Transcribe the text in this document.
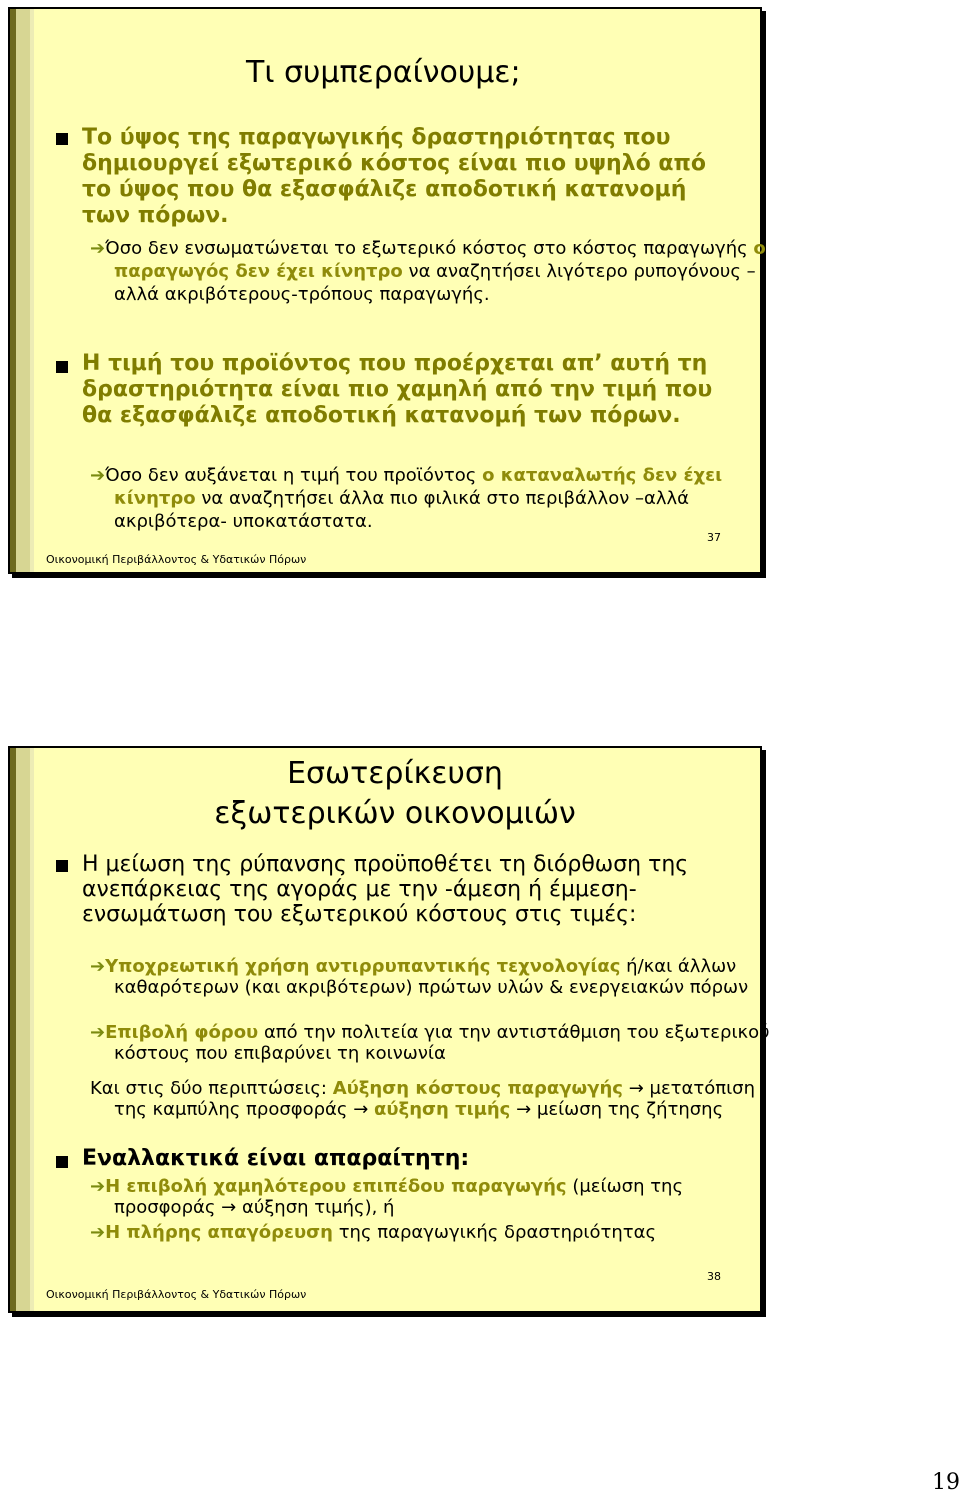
Τι συμπεραίνουμε;
Το ύψος της παραγωγικής δραστηριότητας που δημιουργεί εξωτερικό κόστος είναι πιο υψηλό από το ύψος που θα εξασφάλιζε αποδοτική κατανομή των πόρων.
➔Όσο δεν ενσωματώνεται το εξωτερικό κόστος στο κόστος παραγωγής ο παραγωγός δεν έχει κίνητρο να αναζητήσει λιγότερο ρυπογόνους –αλλά ακριβότερους-τρόπους παραγωγής.
Η τιμή του προϊόντος που προέρχεται απ’ αυτή τη δραστηριότητα είναι πιο χαμηλή από την τιμή που θα εξασφάλιζε αποδοτική κατανομή των πόρων.
➔Όσο δεν αυξάνεται η τιμή του προϊόντος ο καταναλωτής δεν έχει κίνητρο να αναζητήσει άλλα πιο φιλικά στο περιβάλλον –αλλά ακριβότερα- υποκατάστατα.
Οικονομική Περιβάλλοντος & Υδατικών Πόρων
37
Εσωτερίκευση
εξωτερικών οικονομιών
Η μείωση της ρύπανσης προϋποθέτει τη διόρθωση της ανεπάρκειας της αγοράς με την -άμεση ή έμμεση- ενσωμάτωση του εξωτερικού κόστους στις τιμές:
➔Υποχρεωτική χρήση αντιρρυπαντικής τεχνολογίας ή/και άλλων καθαρότερων (και ακριβότερων) πρώτων υλών & ενεργειακών πόρων
➔Επιβολή φόρου από την πολιτεία για την αντιστάθμιση του εξωτερικού κόστους που επιβαρύνει τη κοινωνία
Και στις δύο περιπτώσεις: Αύξηση κόστους παραγωγής → μετατόπιση της καμπύλης προσφοράς → αύξηση τιμής → μείωση της ζήτησης
Εναλλακτικά είναι απαραίτητη:
➔Η επιβολή χαμηλότερου επιπέδου παραγωγής (μείωση της προσφοράς → αύξηση τιμής), ή
➔Η πλήρης απαγόρευση της παραγωγικής δραστηριότητας
Οικονομική Περιβάλλοντος & Υδατικών Πόρων
38
19
